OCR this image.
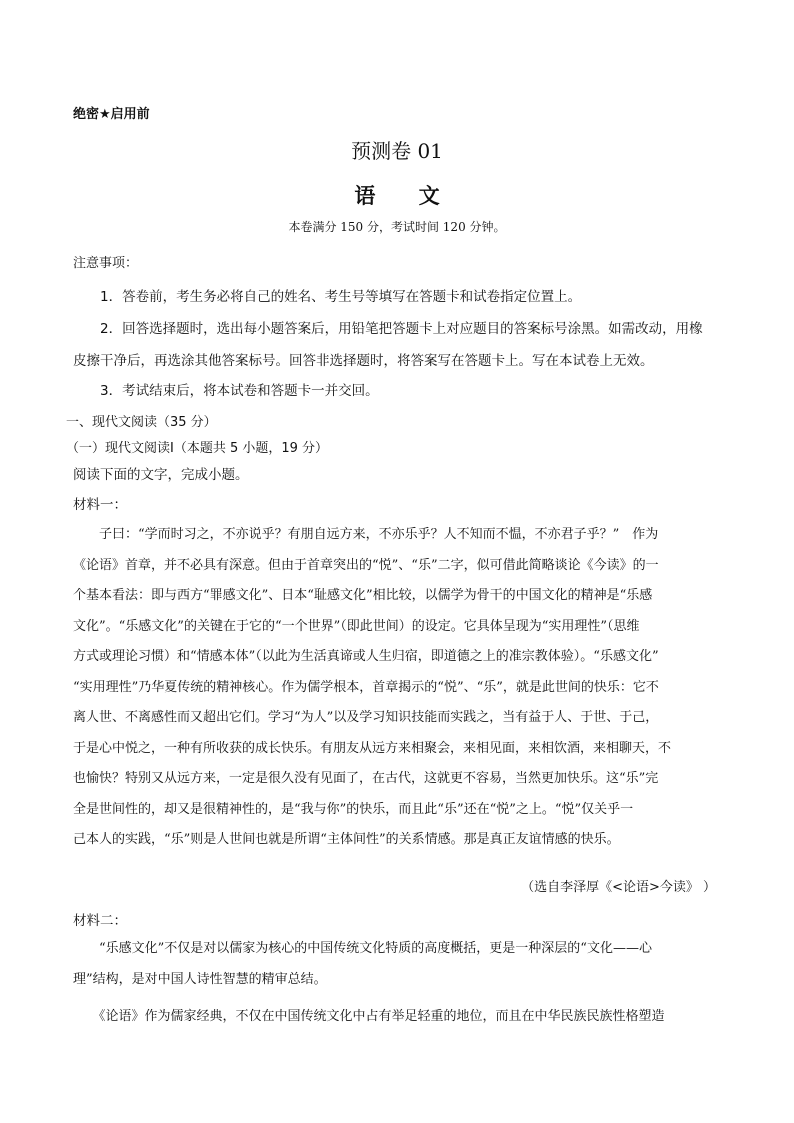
绝密★启用前
预测卷 01
语 文
本卷满分 150 分，考试时间 120 分钟。
注意事项：
1．答卷前，考生务必将自己的姓名、考生号等填写在答题卡和试卷指定位置上。
2．回答选择题时，选出每小题答案后，用铅笔把答题卡上对应题目的答案标号涂黑。如需改动，用橡
皮擦干净后，再选涂其他答案标号。回答非选择题时，将答案写在答题卡上。写在本试卷上无效。
3．考试结束后，将本试卷和答题卡一并交回。
一、现代文阅读（35 分）
（一）现代文阅读Ⅰ（本题共 5 小题，19 分）
阅读下面的文字，完成小题。
材料一：
　　子曰：“学而时习之，不亦说乎？有朋自远方来，不亦乐乎？人不知而不愠，不亦君子乎？”　作为
《论语》首章，并不必具有深意。但由于首章突出的“悦”、“乐”二字，似可借此简略谈论《今读》的一
个基本看法：即与西方“罪感文化”、日本“耻感文化”相比较，以儒学为骨干的中国文化的精神是“乐感
文化”。“乐感文化”的关键在于它的“一个世界”（即此世间）的设定。它具体呈现为“实用理性”（思维
方式或理论习惯）和“情感本体”（以此为生活真谛或人生归宿，即道德之上的准宗教体验）。“乐感文化”
“实用理性”乃华夏传统的精神核心。作为儒学根本，首章揭示的“悦”、“乐”，就是此世间的快乐：它不
离人世、不离感性而又超出它们。学习“为人”以及学习知识技能而实践之，当有益于人、于世、于己，
于是心中悦之，一种有所收获的成长快乐。有朋友从远方来相聚会，来相见面，来相饮酒，来相聊天，不
也愉快？特别又从远方来，一定是很久没有见面了，在古代，这就更不容易，当然更加快乐。这“乐”完
全是世间性的，却又是很精神性的，是“我与你”的快乐，而且此“乐”还在“悦”之上。“悦”仅关乎一
己本人的实践，“乐”则是人世间也就是所谓“主体间性”的关系情感。那是真正友谊情感的快乐。
（选自李泽厚《<论语>今读》 ）
材料二：
　　“乐感文化”不仅是对以儒家为核心的中国传统文化特质的高度概括，更是一种深层的“文化——心
理”结构，是对中国人诗性智慧的精审总结。
　　《论语》作为儒家经典，不仅在中国传统文化中占有举足轻重的地位，而且在中华民族民族性格塑造
